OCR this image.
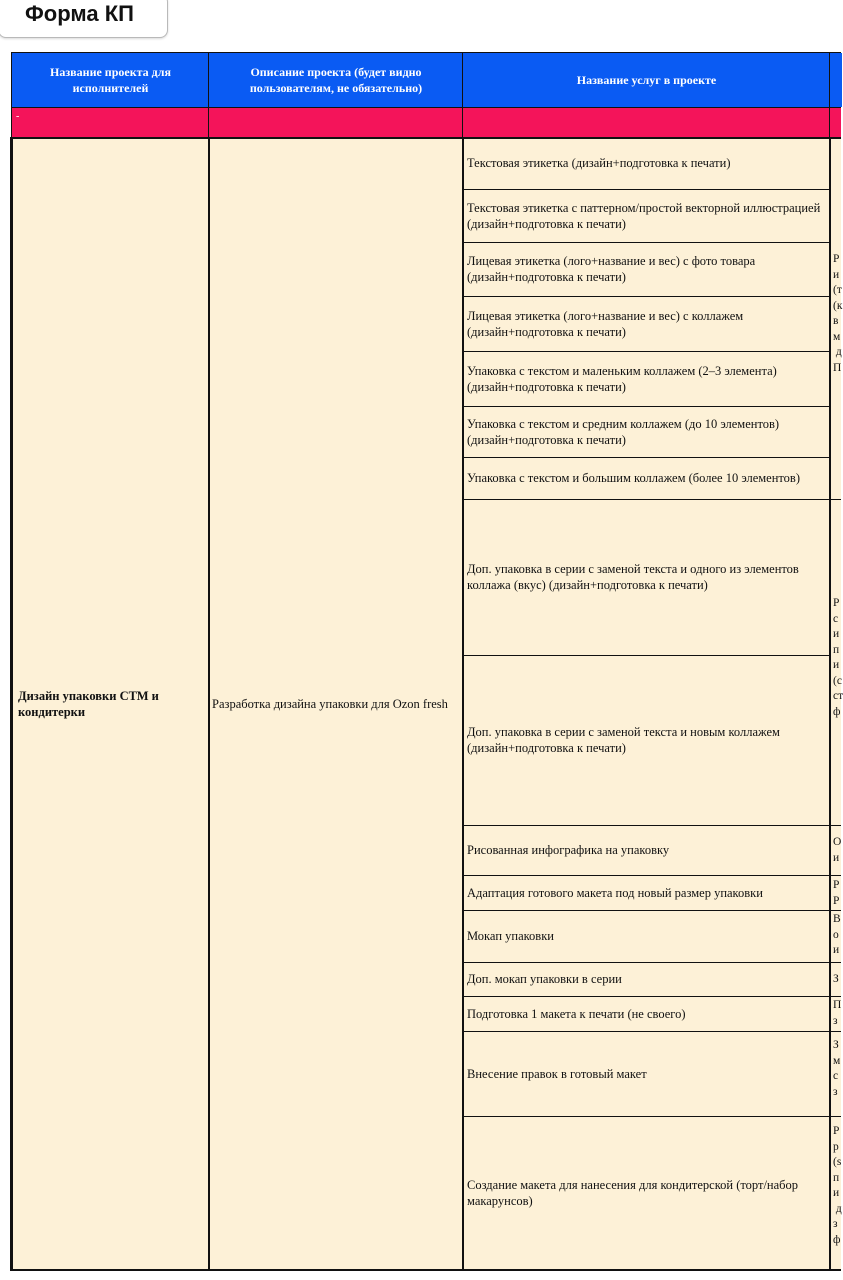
Форма КП
Название проекта для исполнителей
Описание проекта (будет видно пользователям, не обязательно)
Название услуг в проекте
-
Дизайн упаковки СТМ и кондитерки
Разработка дизайна упаковки для Ozon fresh
Текстовая этикетка (дизайн+подготовка к печати)
Текстовая этикетка с паттерном/простой векторной иллюстрацией (дизайн+подготовка к печати)
Лицевая этикетка (лого+название и вес) с фото товара (дизайн+подготовка к печати)
Лицевая этикетка (лого+название и вес) с коллажем (дизайн+подготовка к печати)
Упаковка с текстом и маленьким коллажем (2–3 элемента) (дизайн+подготовка к печати)
Упаковка с текстом и средним коллажем (до 10 элементов) (дизайн+подготовка к печати)
Упаковка с текстом и большим коллажем (более 10 элементов)
Доп. упаковка в серии с заменой текста и одного из элементов коллажа (вкус) (дизайн+подготовка к печати)
Доп. упаковка в серии с заменой текста и новым коллажем (дизайн+подготовка к печати)
Рисованная инфографика на упаковку
Адаптация готового макета под новый размер упаковки
Мокап упаковки
Доп. мокап упаковки в серии
Подготовка 1 макета к печати (не своего)
Внесение правок в готовый макет
Создание макета для нанесения для кондитерской (торт/набор макарунсов)
Р
и
(т
(к
в
м
д
П
Р
с
и
п
и
(с
ст
ф
О
и
Р
Р
В
о
и
З
П
з
З
м
с
з
Р
р
(s
п
и
д
з
ф
